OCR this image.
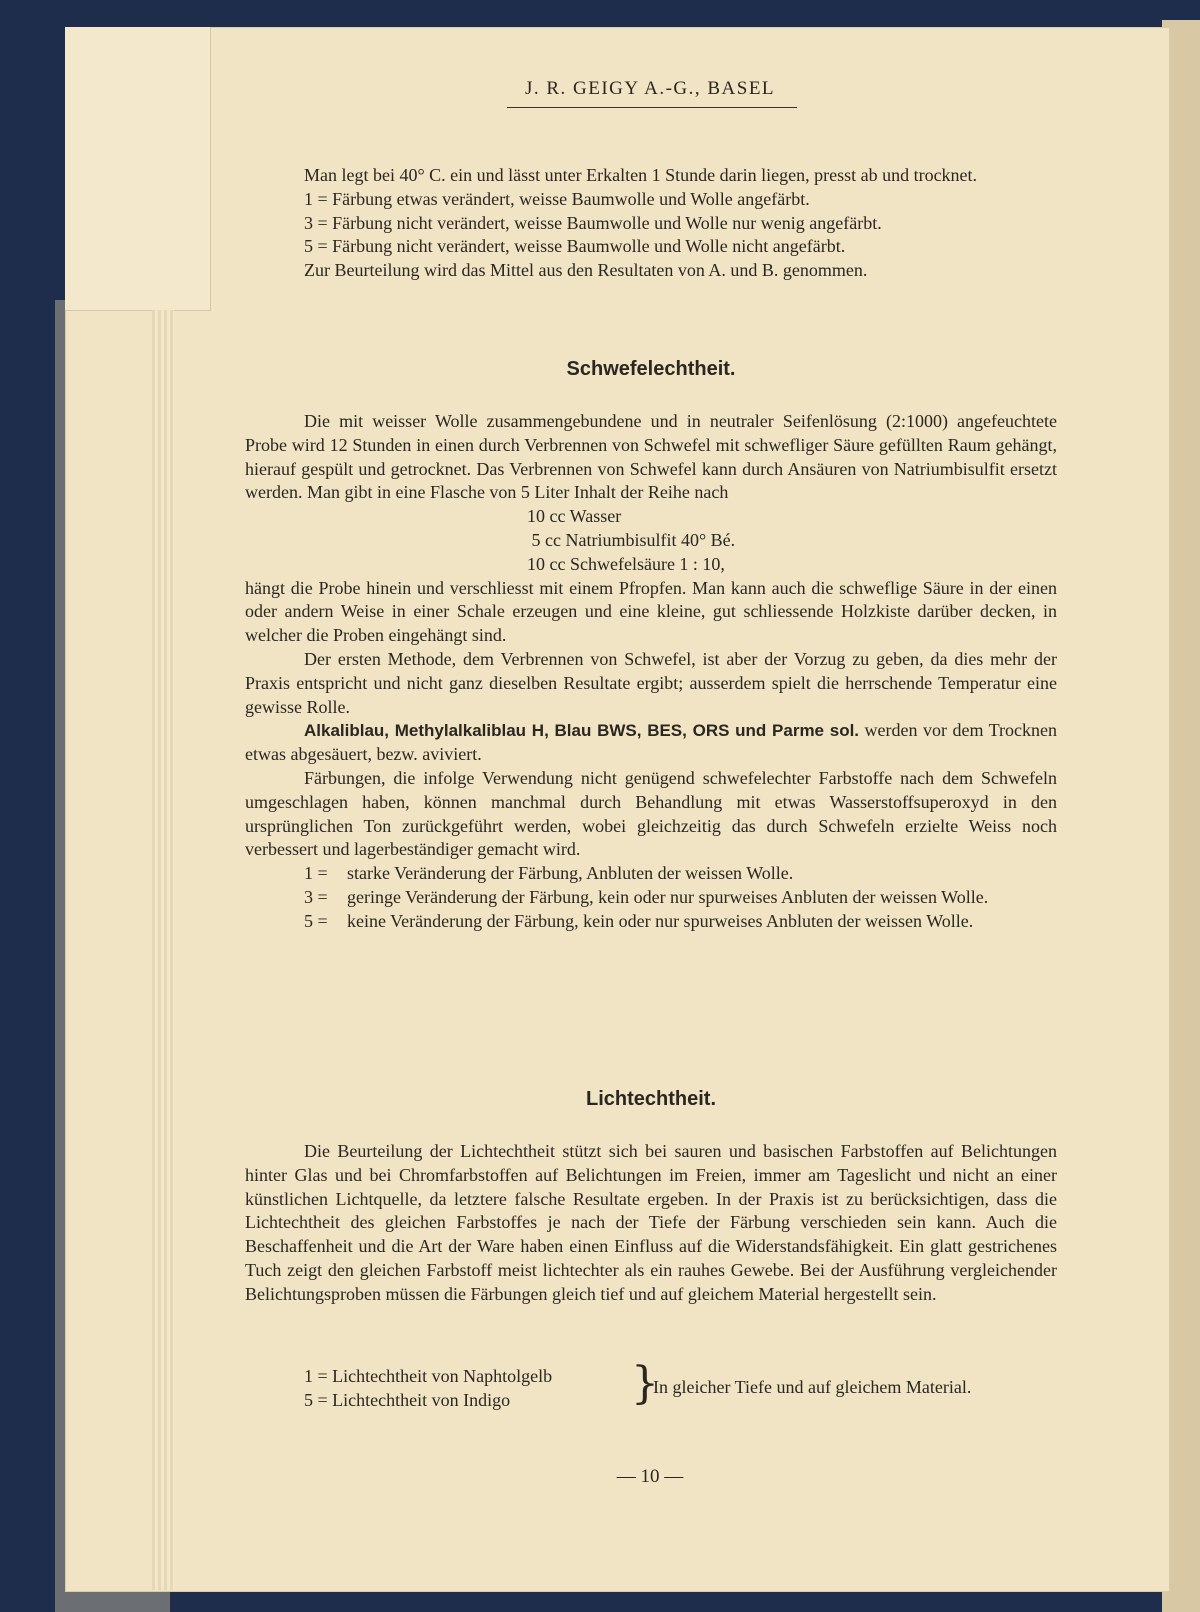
J. R. GEIGY A.-G., BASEL
Man legt bei 40° C. ein und lässt unter Erkalten 1 Stunde darin liegen, presst ab und trocknet.
1 = Färbung etwas verändert, weisse Baumwolle und Wolle angefärbt.
3 = Färbung nicht verändert, weisse Baumwolle und Wolle nur wenig angefärbt.
5 = Färbung nicht verändert, weisse Baumwolle und Wolle nicht angefärbt.
Zur Beurteilung wird das Mittel aus den Resultaten von A. und B. genommen.
Schwefelechtheit.
Die mit weisser Wolle zusammengebundene und in neutraler Seifenlösung (2:1000) angefeuchtete Probe wird 12 Stunden in einen durch Verbrennen von Schwefel mit schwefliger Säure gefüllten Raum gehängt, hierauf gespült und getrocknet. Das Verbrennen von Schwefel kann durch Ansäuren von Natriumbisulfit ersetzt werden. Man gibt in eine Flasche von 5 Liter Inhalt der Reihe nach
10 cc Wasser
5 cc Natriumbisulfit 40° Bé.
10 cc Schwefelsäure 1 : 10,
hängt die Probe hinein und verschliesst mit einem Pfropfen. Man kann auch die schweflige Säure in der einen oder andern Weise in einer Schale erzeugen und eine kleine, gut schliessende Holzkiste darüber decken, in welcher die Proben eingehängt sind.
Der ersten Methode, dem Verbrennen von Schwefel, ist aber der Vorzug zu geben, da dies mehr der Praxis entspricht und nicht ganz dieselben Resultate ergibt; ausserdem spielt die herrschende Temperatur eine gewisse Rolle.
Alkaliblau, Methylalkaliblau H, Blau BWS, BES, ORS und Parme sol. werden vor dem Trocknen etwas abgesäuert, bezw. aviviert.
Färbungen, die infolge Verwendung nicht genügend schwefelechter Farbstoffe nach dem Schwefeln umgeschlagen haben, können manchmal durch Behandlung mit etwas Wasserstoffsuperoxyd in den ursprünglichen Ton zurückgeführt werden, wobei gleichzeitig das durch Schwefeln erzielte Weiss noch verbessert und lagerbeständiger gemacht wird.
1 = starke Veränderung der Färbung, Anbluten der weissen Wolle.
3 = geringe Veränderung der Färbung, kein oder nur spurweises Anbluten der weissen Wolle.
5 = keine Veränderung der Färbung, kein oder nur spurweises Anbluten der weissen Wolle.
Lichtechtheit.
Die Beurteilung der Lichtechtheit stützt sich bei sauren und basischen Farbstoffen auf Belichtungen hinter Glas und bei Chromfarbstoffen auf Belichtungen im Freien, immer am Tageslicht und nicht an einer künstlichen Lichtquelle, da letztere falsche Resultate ergeben. In der Praxis ist zu berücksichtigen, dass die Lichtechtheit des gleichen Farbstoffes je nach der Tiefe der Färbung verschieden sein kann. Auch die Beschaffenheit und die Art der Ware haben einen Einfluss auf die Widerstandsfähigkeit. Ein glatt gestrichenes Tuch zeigt den gleichen Farbstoff meist lichtechter als ein rauhes Gewebe. Bei der Ausführung vergleichender Belichtungsproben müssen die Färbungen gleich tief und auf gleichem Material hergestellt sein.
1 = Lichtechtheit von Naphtolgelb
5 = Lichtechtheit von Indigo	}
In gleicher Tiefe und auf gleichem Material.
— 10 —
